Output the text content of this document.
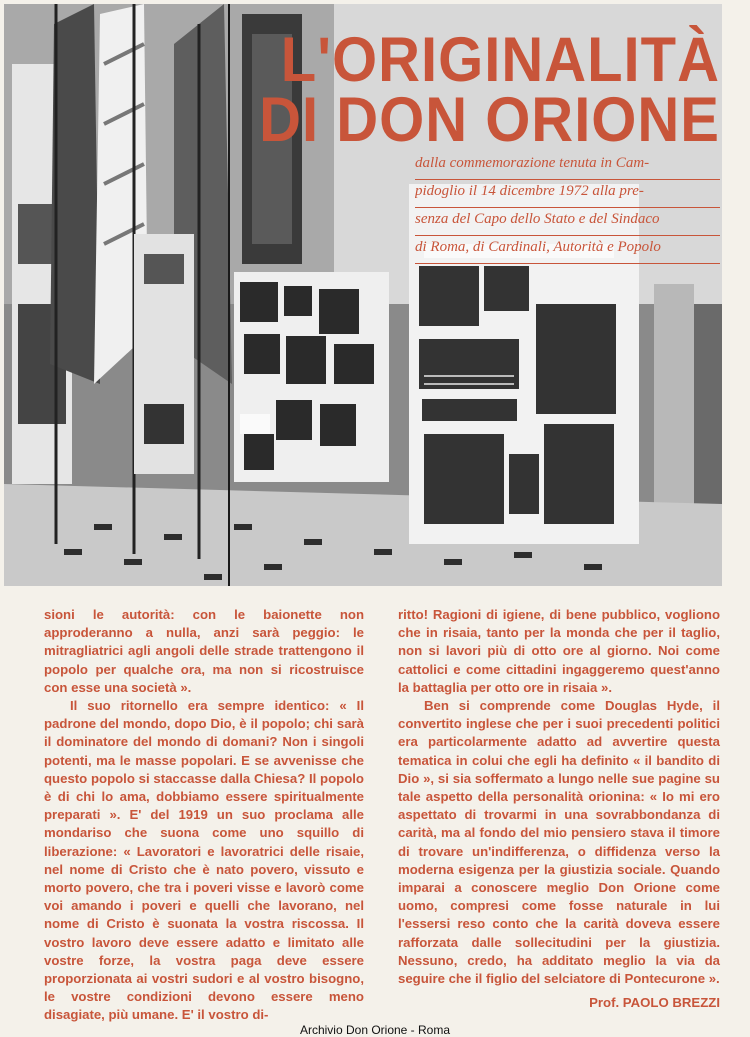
L'ORIGINALITÀ
DI DON ORIONE
dalla commemorazione tenuta in Cam-
pidoglio il 14 dicembre 1972 alla pre-
senza del Capo dello Stato e del Sindaco
di Roma, di Cardinali, Autorità e Popolo

sioni le autorità: con le baionette non approderanno a nulla, anzi sarà peggio: le mitragliatrici agli angoli delle strade trattengono il popolo per qualche ora, ma non si ricostruisce con esse una società ».

Il suo ritornello era sempre identico: « Il padrone del mondo, dopo Dio, è il popolo; chi sarà il dominatore del mondo di domani? Non i singoli potenti, ma le masse popolari. E se avvenisse che questo popolo si staccasse dalla Chiesa? Il popolo è di chi lo ama, dobbiamo essere spiritualmente preparati ». E' del 1919 un suo proclama alle mondariso che suona come uno squillo di liberazione: « Lavoratori e lavoratrici delle risaie, nel nome di Cristo che è nato povero, vissuto e morto povero, che tra i poveri visse e lavorò come voi amando i poveri e quelli che lavorano, nel nome di Cristo è suonata la vostra riscossa. Il vostro lavoro deve essere adatto e limitato alle vostre forze, la vostra paga deve essere proporzionata ai vostri sudori e al vostro bisogno, le vostre condizioni devono essere meno disagiate, più umane. E' il vostro di-

ritto! Ragioni di igiene, di bene pubblico, vogliono che in risaia, tanto per la monda che per il taglio, non si lavori più di otto ore al giorno. Noi come cattolici e come cittadini ingaggeremo quest'anno la battaglia per otto ore in risaia ».

Ben si comprende come Douglas Hyde, il convertito inglese che per i suoi precedenti politici era particolarmente adatto ad avvertire questa tematica in colui che egli ha definito « il bandito di Dio », si sia soffermato a lungo nelle sue pagine su tale aspetto della personalità orionina: « Io mi ero aspettato di trovarmi in una sovrabbondanza di carità, ma al fondo del mio pensiero stava il timore di trovare un'indifferenza, o diffidenza verso la moderna esigenza per la giustizia sociale. Quando imparai a conoscere meglio Don Orione come uomo, compresi come fosse naturale in lui l'essersi reso conto che la carità doveva essere rafforzata dalle sollecitudini per la giustizia. Nessuno, credo, ha additato meglio la via da seguire che il figlio del selciatore di Pontecurone ».

Prof. PAOLO BREZZI
Archivio Don Orione - Roma
